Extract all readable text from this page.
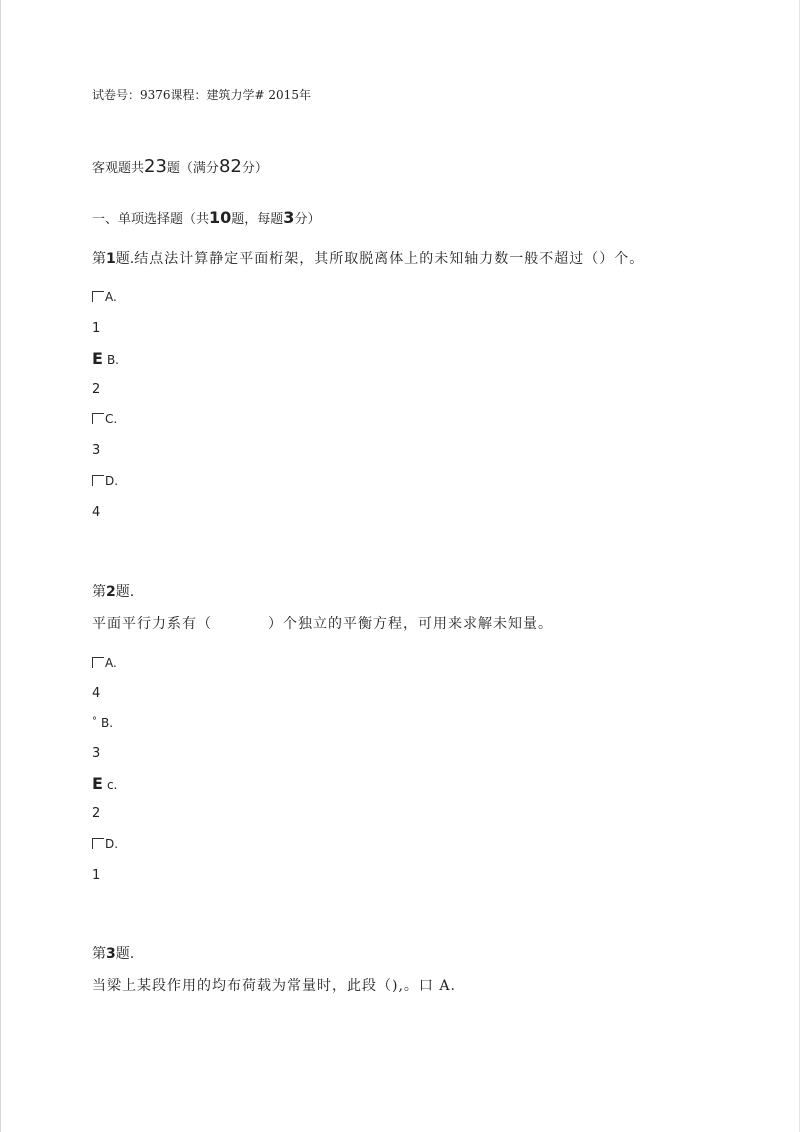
试卷号：9376课程：建筑力学# 2015年
客观题共23题（满分82分）
一、单项选择题（共10题，每题3分）
第1题.结点法计算静定平面桁架，其所取脱离体上的未知轴力数一般不超过（）个。
A.
1
E B.
2
C.
3
D.
4
第2题.
平面平行力系有（	）个独立的平衡方程，可用来求解未知量。
A.
4
° B.
3
E c.
2
D.
1
第3题.
当梁上某段作用的均布荷载为常量时，此段（),。口 A.
